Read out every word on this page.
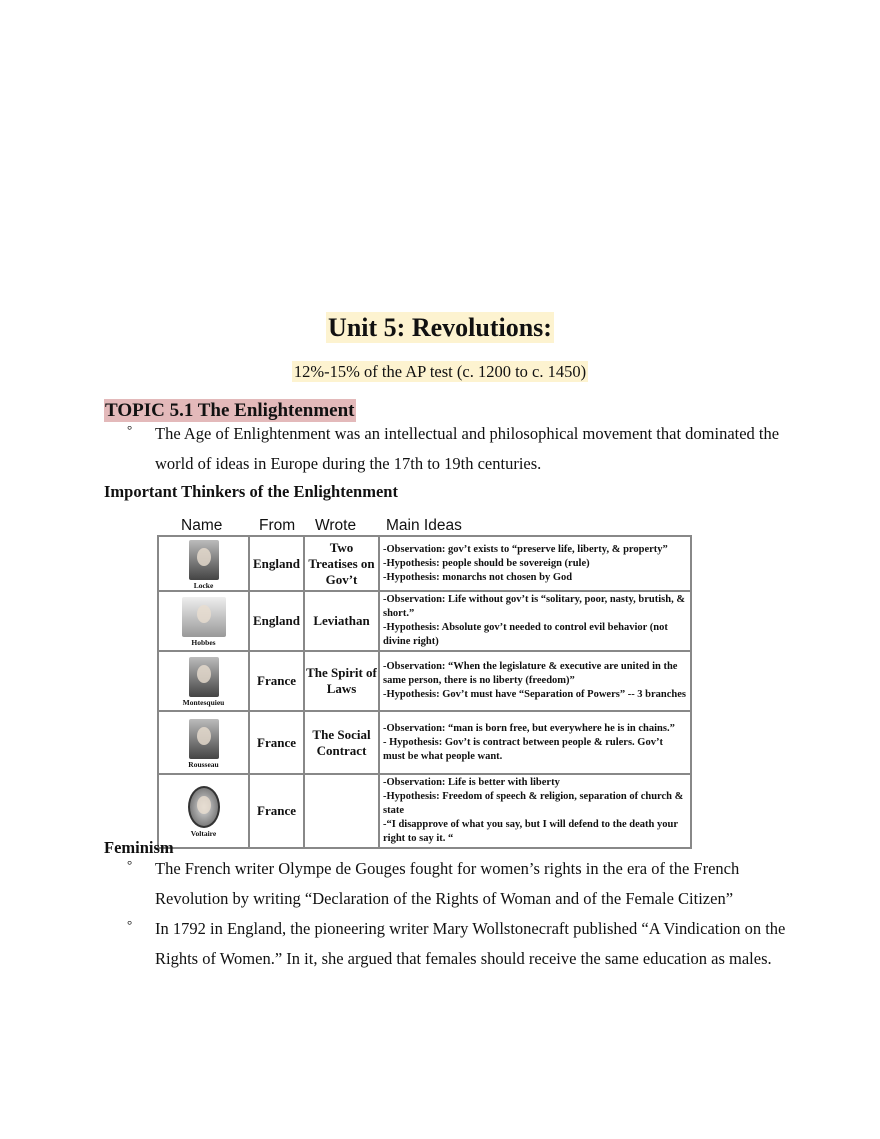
Unit 5: Revolutions:
12%-15% of the AP test (c. 1200 to c. 1450)
TOPIC 5.1 The Enlightenment
° The Age of Enlightenment was an intellectual and philosophical movement that dominated the world of ideas in Europe during the 17th to 19th centuries.
Important Thinkers of the Enlightenment
Name	From	Wrote	Main Ideas
Locke	England	Two Treatises on Gov’t	-Observation: gov’t exists to “preserve life, liberty, & property”
-Hypothesis: people should be sovereign (rule)
-Hypothesis: monarchs not chosen by God

Hobbes	England	Leviathan	-Observation: Life without gov’t is “solitary, poor, nasty, brutish, & short.”
-Hypothesis: Absolute gov’t needed to control evil behavior (not divine right)

Montesquieu	France	The Spirit of Laws	-Observation: “When the legislature & executive are united in the same person, there is no liberty (freedom)”
-Hypothesis: Gov’t must have “Separation of Powers” -- 3 branches

Rousseau	France	The Social Contract	-Observation: “man is born free, but everywhere he is in chains.”
- Hypothesis: Gov’t is contract between people & rulers. Gov’t must be what people want.

Voltaire	France		-Observation: Life is better with liberty
-Hypothesis: Freedom of speech & religion, separation of church & state
-“I disapprove of what you say, but I will defend to the death your right to say it. “
Feminism
° The French writer Olympe de Gouges fought for women’s rights in the era of the French Revolution by writing “Declaration of the Rights of Woman and of the Female Citizen”
° In 1792 in England, the pioneering writer Mary Wollstonecraft published “A Vindication on the Rights of Women.” In it, she argued that females should receive the same education as males.
